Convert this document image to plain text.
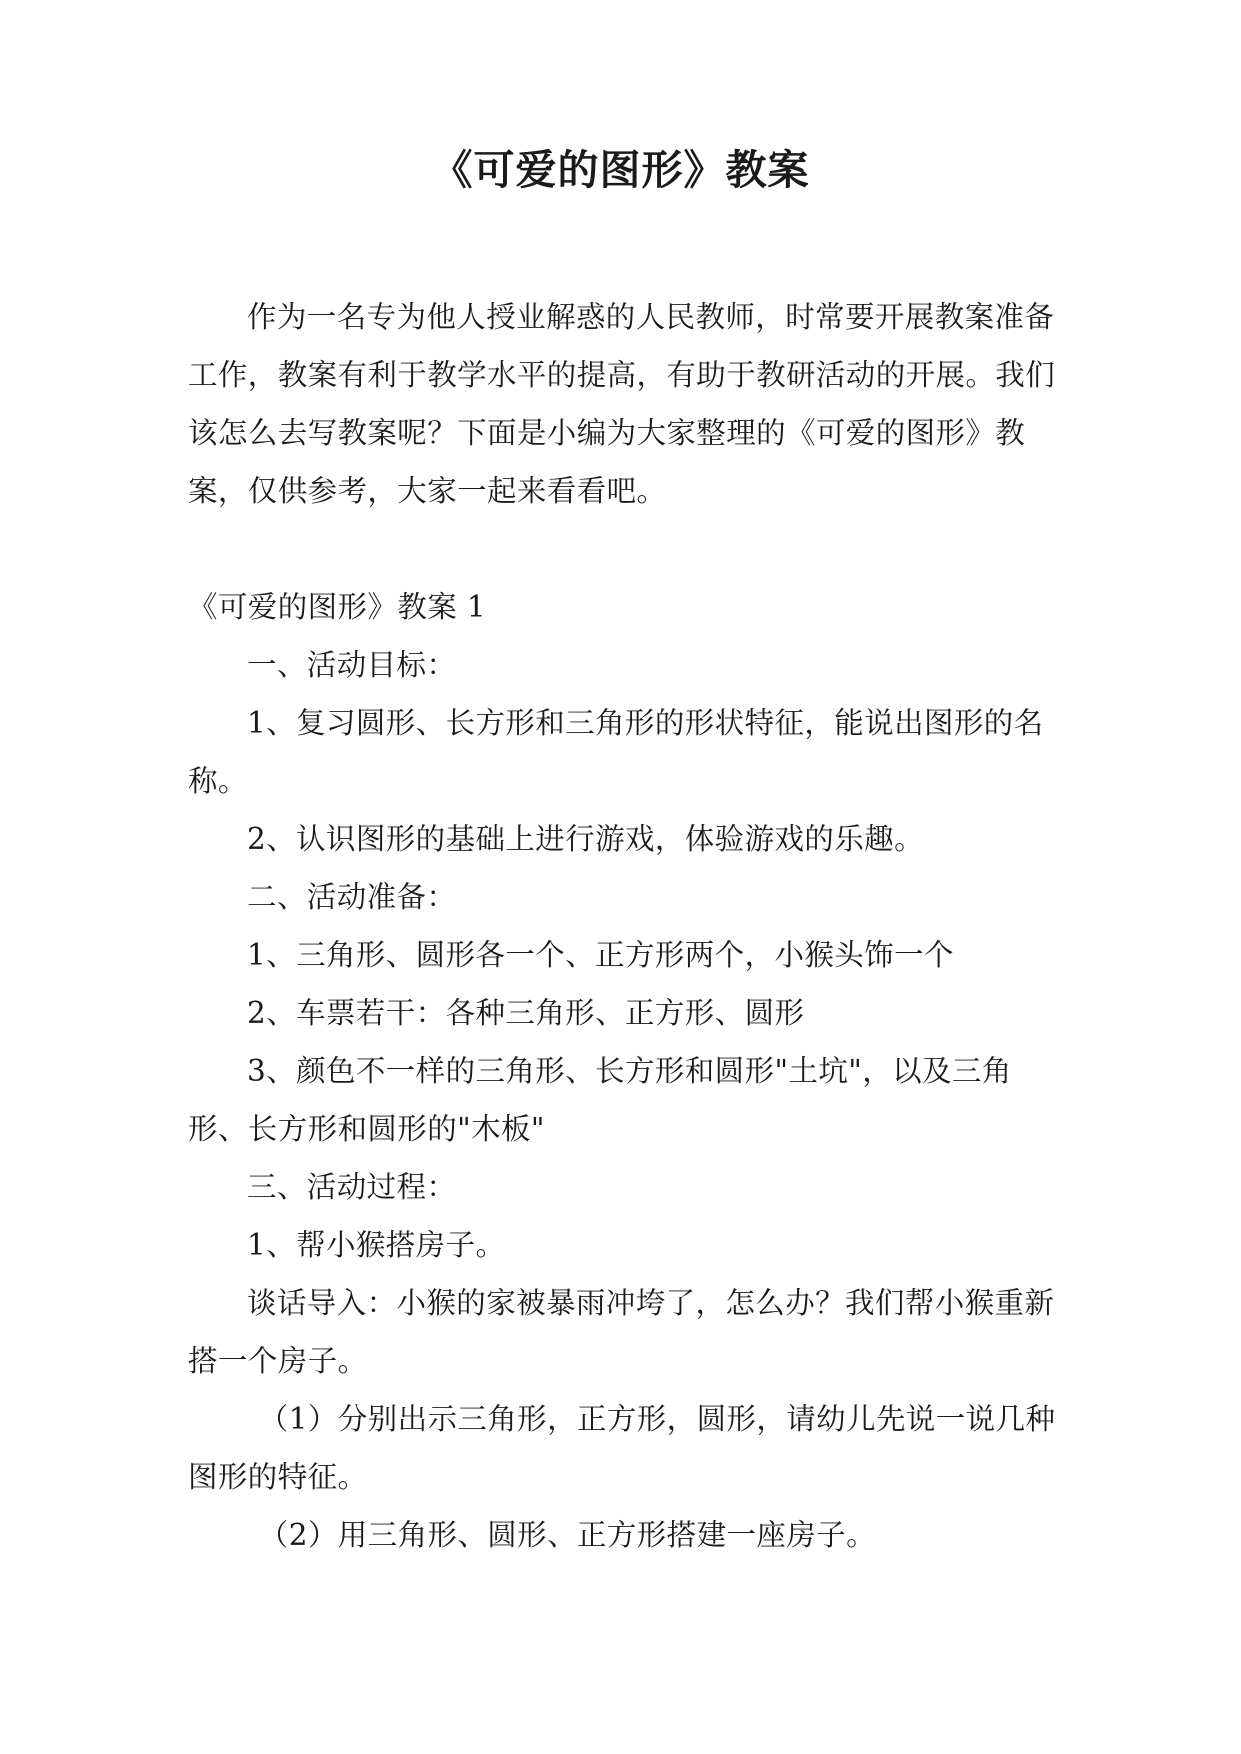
《可爱的图形》教案

作为一名专为他人授业解惑的人民教师，时常要开展教案准备工作，教案有利于教学水平的提高，有助于教研活动的开展。我们该怎么去写教案呢？下面是小编为大家整理的《可爱的图形》教案，仅供参考，大家一起来看看吧。

《可爱的图形》教案 1

一、活动目标：

1、复习圆形、长方形和三角形的形状特征，能说出图形的名称。

2、认识图形的基础上进行游戏，体验游戏的乐趣。

二、活动准备：

1、三角形、圆形各一个、正方形两个，小猴头饰一个

2、车票若干：各种三角形、正方形、圆形

3、颜色不一样的三角形、长方形和圆形"土坑"，以及三角形、长方形和圆形的"木板"

三、活动过程：

1、帮小猴搭房子。

谈话导入：小猴的家被暴雨冲垮了，怎么办？我们帮小猴重新搭一个房子。

（1）分别出示三角形，正方形，圆形，请幼儿先说一说几种图形的特征。

（2）用三角形、圆形、正方形搭建一座房子。
